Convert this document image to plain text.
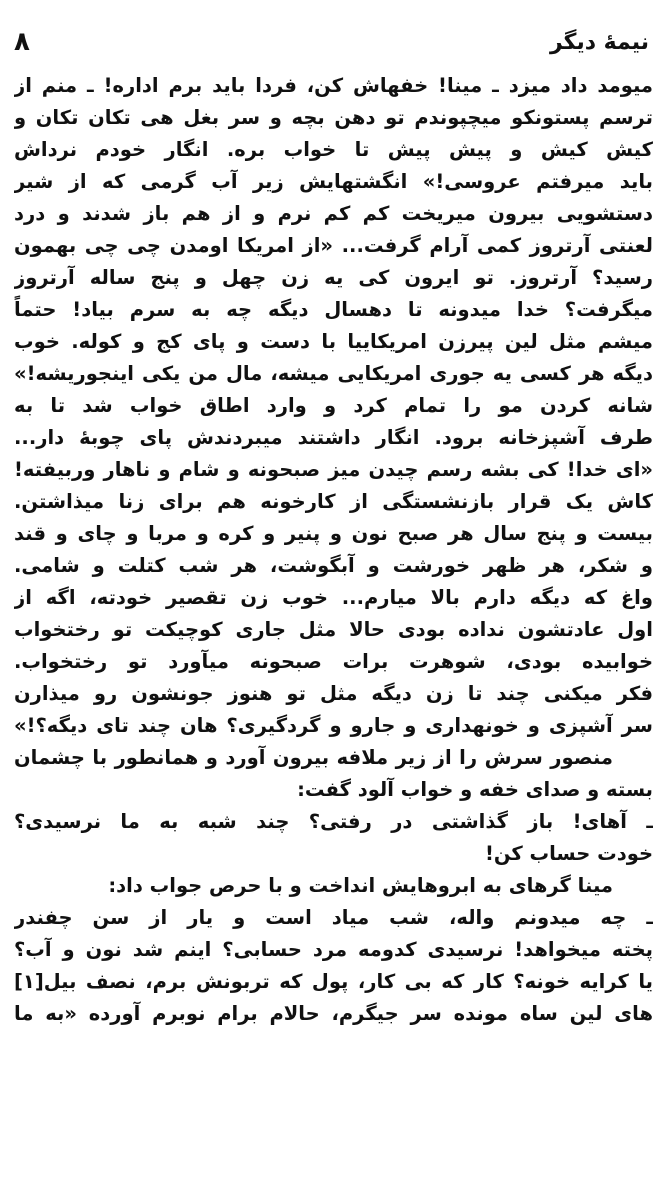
نیمهٔ دیگر
۸
میومد داد میزد ـ مینا! خفهاش کن، فردا باید برم اداره! ـ منم از
ترسم پستونکو میچپوندم تو دهن بچه و سر بغل هی تکان تکان و
کیش کیش و پیش پیش تا خواب بره. انگار خودم نرداش
باید میرفتم عروسی!» انگشتهایش زیر آب گرمی که از شیر
دستشویی بیرون میریخت کم کم نرم و از هم باز شدند و درد
لعنتی آرتروز کمی آرام گرفت... «از امریکا اومدن چی چی بهمون
رسید؟ آرتروز. تو ایرون کی یه زن چهل و پنج ساله آرتروز
میگرفت؟ خدا میدونه تا دهسال دیگه چه به سرم بیاد! حتماً
میشم مثل لین پیرزن امریکاییا با دست و پای کج و کوله. خوب
دیگه هر کسی یه جوری امریکایی میشه، مال من یکی اینجوریشه!»
شانه کردن مو را تمام کرد و وارد اطاق خواب شد تا به
طرف آشپزخانه برود. انگار داشتند میبردندش پای چوبهٔ دار...
«ای خدا! کی بشه رسم چیدن میز صبحونه و شام و ناهار وربیفته!
کاش یک قرار بازنشستگی از کارخونه هم برای زنا میذاشتن.
بیست و پنج سال هر صبح نون و پنیر و کره و مربا و چای و قند
و شکر، هر ظهر خورشت و آبگوشت، هر شب کتلت و شامی.
واغ که دیگه دارم بالا میارم... خوب زن تقصیر خودته، اگه از
اول عادتشون نداده بودی حالا مثل جاری کوچیکت تو رختخواب
خوابیده بودی، شوهرت برات صبحونه میآورد تو رختخواب.
فکر میکنی چند تا زن دیگه مثل تو هنوز جونشون رو میذارن
سر آشپزی و خونهداری و جارو و گردگیری؟ هان چند تای دیگه؟!»
منصور سرش را از زیر ملافه بیرون آورد و همانطور با چشمان
بسته و صدای خفه و خواب آلود گفت:
ـ آهای! باز گذاشتی در رفتی؟ چند شبه به ما نرسیدی؟
خودت حساب کن!
مینا گرهای به ابروهایش انداخت و با حرص جواب داد:
ـ چه میدونم واله، شب میاد است و یار از سن چفندر
پخته میخواهد! نرسیدی کدومه مرد حسابی؟ اینم شد نون و آب؟
یا کرایه خونه؟ کار که بی کار، پول که تربونش برم، نصف بیل[۱]
های لین ساه مونده سر جیگرم، حالام برام نوبرم آورده «به ما
